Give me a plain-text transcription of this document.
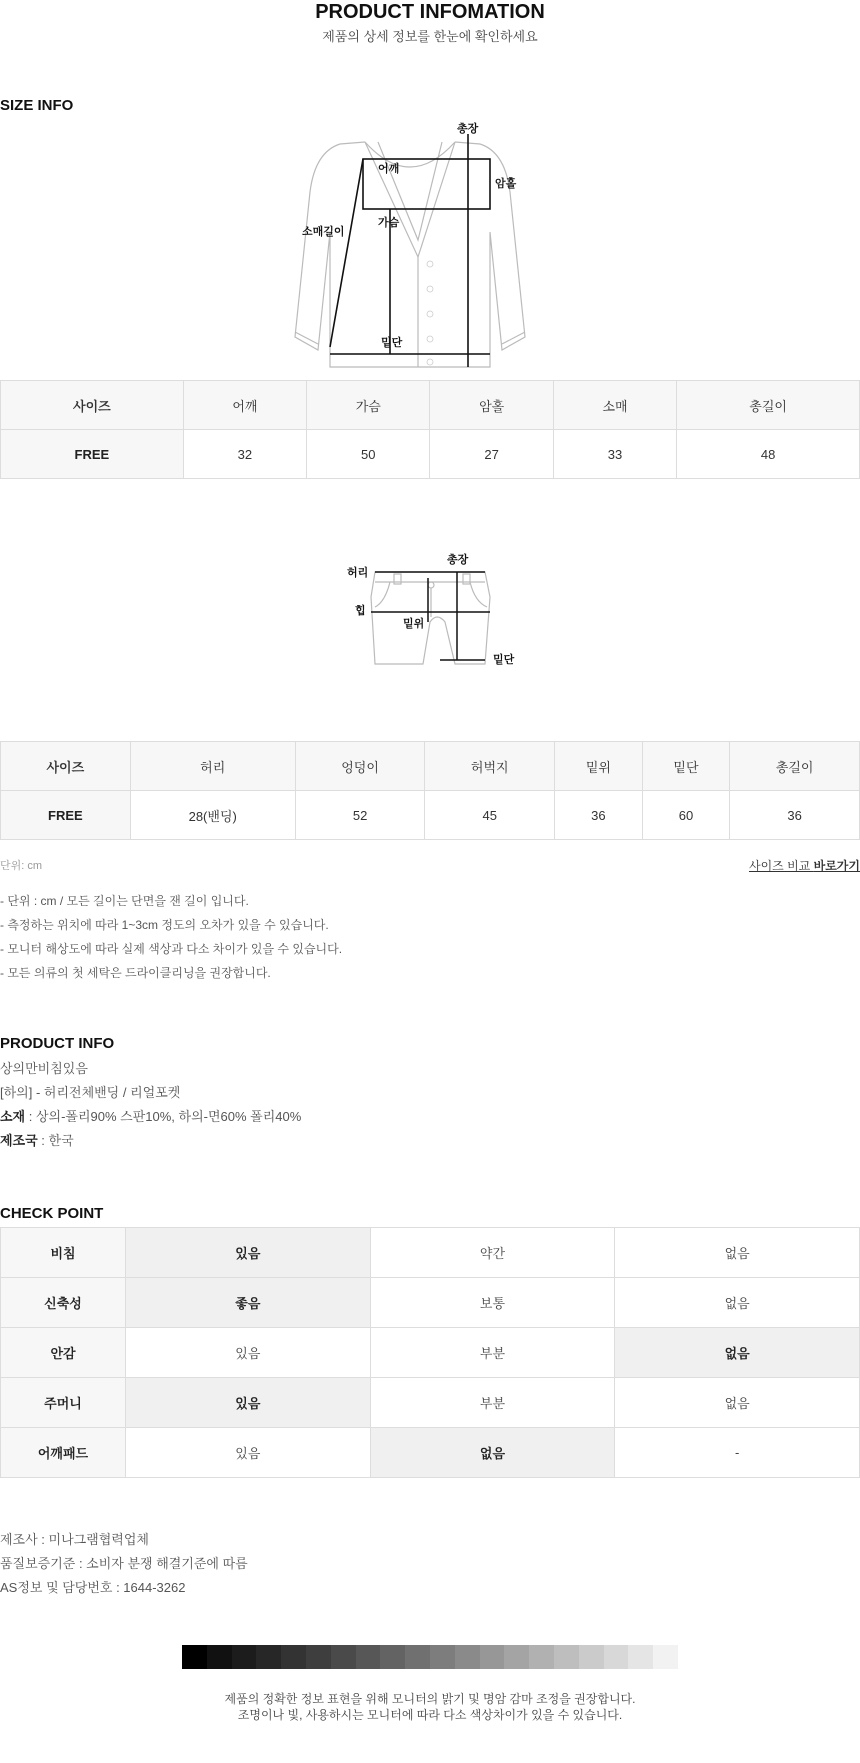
PRODUCT INFOMATION
제품의 상세 정보를 한눈에 확인하세요
SIZE INFO
총장
어깨
암홀
소매길이
가슴
밑단
사이즈	어깨	가슴	암홀	소매	총길이
FREE	32	50	27	33	48
총장
허리
힙
밑위
밑단
사이즈	허리	엉덩이	허벅지	밑위	밑단	총길이
FREE	28(밴딩)	52	45	36	60	36
단위: cm	사이즈 비교 바로가기
- 단위 : cm / 모든 길이는 단면을 잰 길이 입니다.
- 측정하는 위치에 따라 1~3cm 정도의 오차가 있을 수 있습니다.
- 모니터 해상도에 따라 실제 색상과 다소 차이가 있을 수 있습니다.
- 모든 의류의 첫 세탁은 드라이클리닝을 권장합니다.
PRODUCT INFO
상의만비침있음
[하의] - 허리전체밴딩 / 리얼포켓
소재 : 상의-폴리90% 스판10%, 하의-면60% 폴리40%
제조국 : 한국
CHECK POINT
비침	있음	약간	없음
신축성	좋음	보통	없음
안감	있음	부분	없음
주머니	있음	부분	없음
어깨패드	있음	없음	-
제조사 : 미나그램협력업체
품질보증기준 : 소비자 분쟁 해결기준에 따름
AS정보 및 담당번호 : 1644-3262
제품의 정확한 정보 표현을 위해 모니터의 밝기 및 명암 감마 조정을 권장합니다.
조명이나 빛, 사용하시는 모니터에 따라 다소 색상차이가 있을 수 있습니다.
